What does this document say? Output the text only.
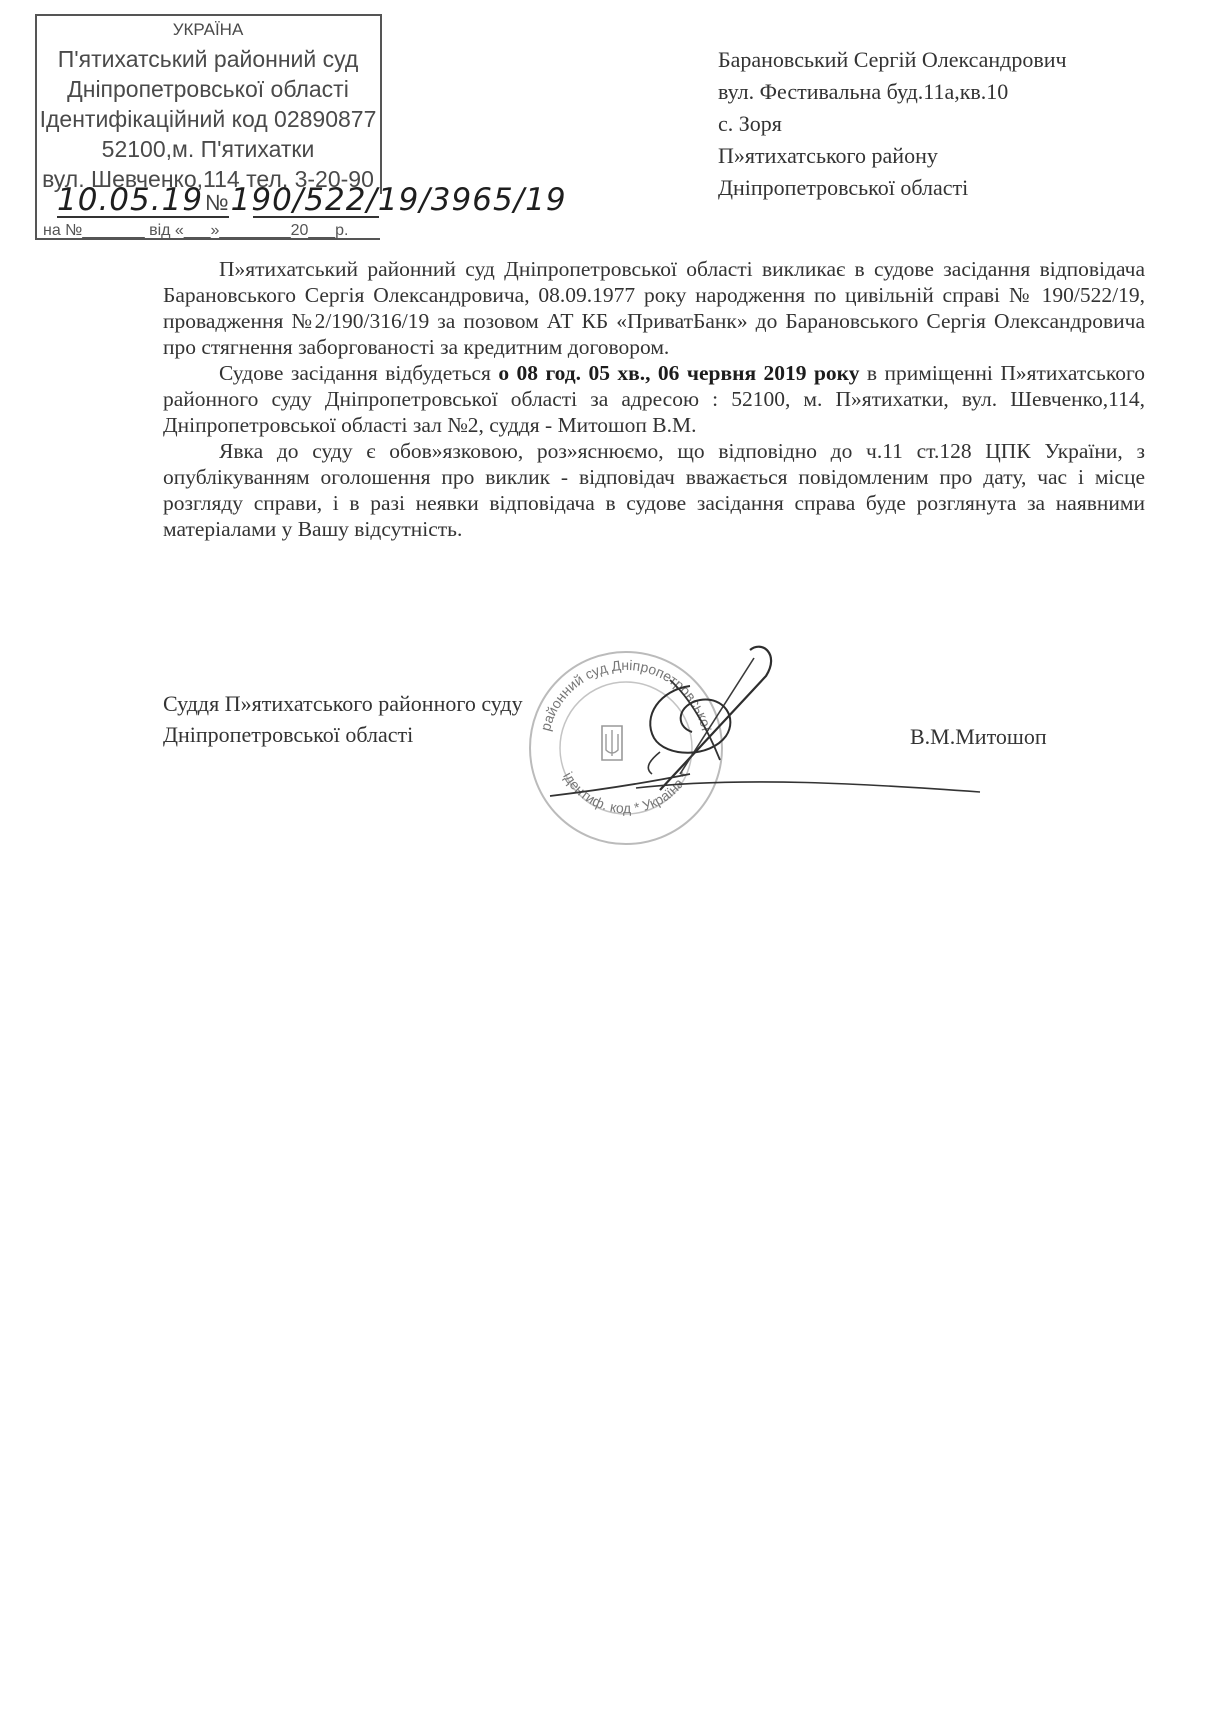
УКРАЇНА
П'ятихатський районний суд
Дніпропетровської області
Ідентифікаційний код 02890877
52100,м. П'ятихатки
вул. Шевченко,114 тел. 3-20-90
10.05.19№190/522/19/3965/19
на №_______ від «___»________20___р.
Барановський Сергій Олександрович
вул. Фестивальна буд.11а,кв.10
с. Зоря
П»ятихатського району
Дніпропетровської області

П»ятихатський районний суд Дніпропетровської області викликає в судове засідання відповідача Барановського Сергія Олександровича, 08.09.1977 року народження по цивільній справі № 190/522/19, провадження №2/190/316/19 за позовом АТ КБ «ПриватБанк» до Барановського Сергія Олександровича про стягнення заборгованості за кредитним договором.

Судове засідання відбудеться о 08 год. 05 хв., 06 червня 2019 року в приміщенні П»ятихатського районного суду Дніпропетровської області за адресою : 52100, м. П»ятихатки, вул. Шевченко,114, Дніпропетровської області зал №2, суддя - Митошоп В.М.

Явка до суду є обов»язковою, роз»яснюємо, що відповідно до ч.11 ст.128 ЦПК України, з опублікуванням оголошення про виклик - відповідач вважається повідомленим про дату, час і місце розгляду справи, і в разі неявки відповідача в судове засідання справа буде розглянута за наявними матеріалами у Вашу відсутність.

районний суд Дніпропетровської
ідентиф. код * Україна *
Суддя П»ятихатського районного суду
Дніпропетровської області	В.М.Митошоп
